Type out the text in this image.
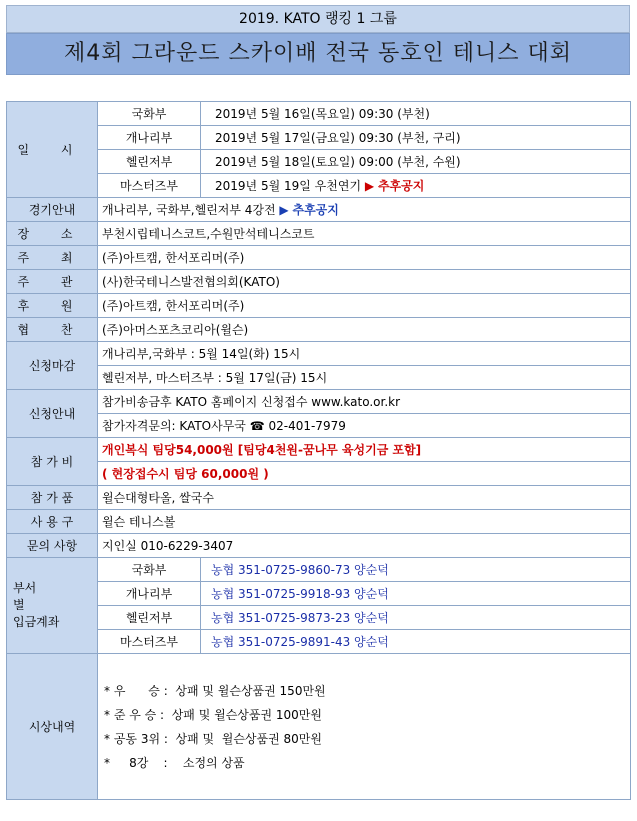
2019. KATO 랭킹 1 그룹
제4회 그라운드 스카이배 전국 동호인 테니스 대회
일 시	국화부	2019년 5월 16일(목요일) 09:30 (부천)
	개나리부	2019년 5월 17일(금요일) 09:30 (부천, 구리)
	헬린저부	2019년 5월 18일(토요일) 09:00 (부천, 수원)
	마스터즈부	2019년 5월 19일 우천연기 ▶ 추후공지
경기안내	개나리부, 국화부,헬린저부 4강전 ▶ 추후공지	
장 소	부천시립테니스코트,수원만석테니스코트	
주 최	(주)아트캠, 한서포리머(주)	
주 관	(사)한국테니스발전협의회(KATO)	
후 원	(주)아트캠, 한서포리머(주)	
협 찬	(주)아머스포츠코리아(윌슨)	
신청마감	개나리부,국화부 : 5월 14일(화) 15시	
	헬린저부, 마스터즈부 : 5월 17일(금) 15시	
신청안내	참가비송금후 KATO 홈페이지 신청접수 www.kato.or.kr	
	참가자격문의: KATO사무국 ☎ 02-401-7979	
참 가 비	개인복식 팀당54,000원 [팀당4천원-꿈나무 육성기금 포함]	
	( 현장접수시 팀당 60,000원 )	
참 가 품	윌슨대형타올, 쌀국수	
사 용 구	윌슨 테니스볼	
문의 사항	지인실 010-6229-3407	
부서
별
입금계좌	국화부	농협 351-0725-9860-73 양순덕
	개나리부	농협 351-0725-9918-93 양순덕
	헬린저부	농협 351-0725-9873-23 양순덕
	마스터즈부	농협 351-0725-9891-43 양순덕
시상내역	* 우      승 :  상패 및 윌슨상품권 150만원
* 준 우 승 :  상패 및 윌슨상품권 100만원
* 공동 3위 :  상패 및  윌슨상품권 80만원
*     8강    :    소정의 상품	
